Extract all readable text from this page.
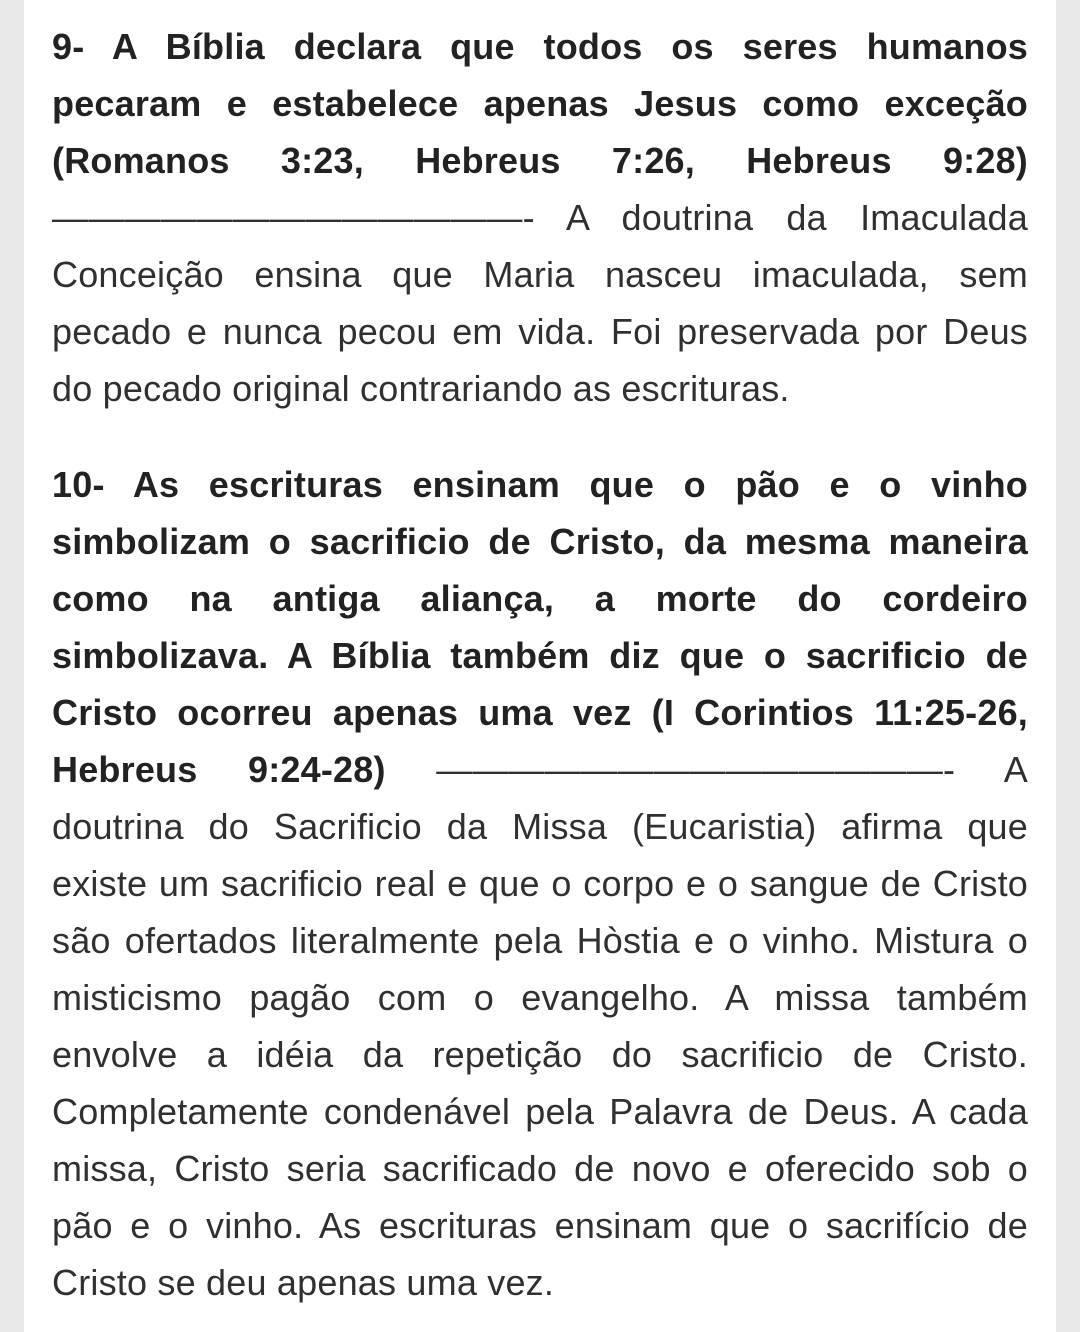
9- A Bíblia declara que todos os seres humanos pecaram e estabelece apenas Jesus como exceção (Romanos 3:23, Hebreus 7:26, Hebreus 9:28) —————————————- A doutrina da Imaculada Conceição ensina que Maria nasceu imaculada, sem pecado e nunca pecou em vida. Foi preservada por Deus do pecado original contrariando as escrituras.

10- As escrituras ensinam que o pão e o vinho simbolizam o sacrificio de Cristo, da mesma maneira como na antiga aliança, a morte do cordeiro simbolizava. A Bíblia também diz que o sacrificio de Cristo ocorreu apenas uma vez (I Corintios 11:25-26, Hebreus 9:24-28) ——————————————- A doutrina do Sacrificio da Missa (Eucaristia) afirma que existe um sacrificio real e que o corpo e o sangue de Cristo são ofertados literalmente pela Hòstia e o vinho. Mistura o misticismo pagão com o evangelho. A missa também envolve a idéia da repetição do sacrificio de Cristo. Completamente condenável pela Palavra de Deus. A cada missa, Cristo seria sacrificado de novo e oferecido sob o pão e o vinho. As escrituras ensinam que o sacrifício de Cristo se deu apenas uma vez.
